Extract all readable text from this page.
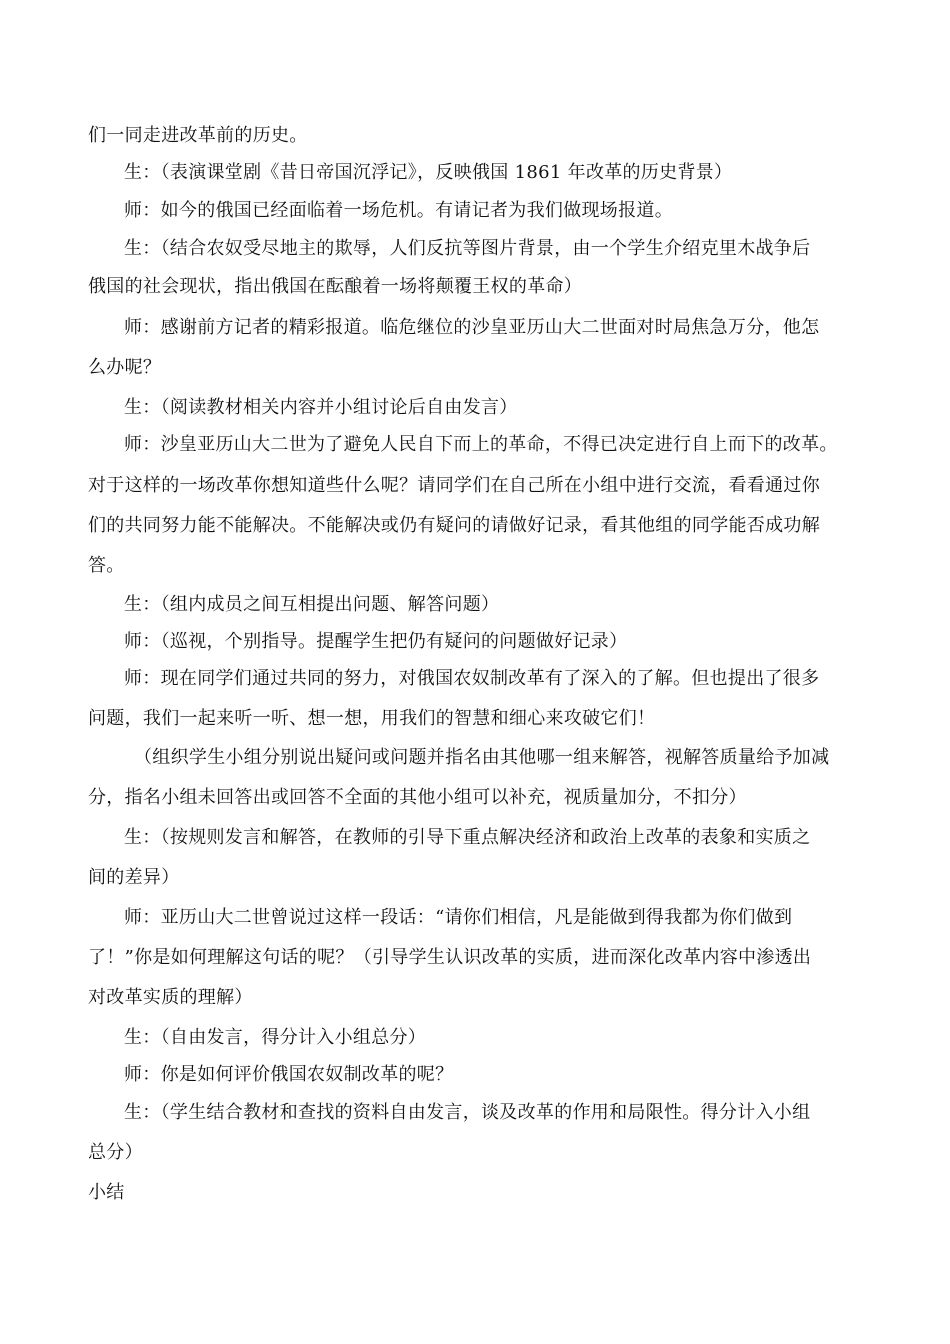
们一同走进改革前的历史。
生：（表演课堂剧《昔日帝国沉浮记》，反映俄国 1861 年改革的历史背景）
师：如今的俄国已经面临着一场危机。有请记者为我们做现场报道。
生：（结合农奴受尽地主的欺辱，人们反抗等图片背景，由一个学生介绍克里木战争后
俄国的社会现状，指出俄国在酝酿着一场将颠覆王权的革命）
师：感谢前方记者的精彩报道。临危继位的沙皇亚历山大二世面对时局焦急万分，他怎
么办呢？
生：（阅读教材相关内容并小组讨论后自由发言）
师：沙皇亚历山大二世为了避免人民自下而上的革命，不得已决定进行自上而下的改革。
对于这样的一场改革你想知道些什么呢？请同学们在自己所在小组中进行交流，看看通过你
们的共同努力能不能解决。不能解决或仍有疑问的请做好记录，看其他组的同学能否成功解
答。
生：（组内成员之间互相提出问题、解答问题）
师：（巡视，个别指导。提醒学生把仍有疑问的问题做好记录）
师：现在同学们通过共同的努力，对俄国农奴制改革有了深入的了解。但也提出了很多
问题，我们一起来听一听、想一想，用我们的智慧和细心来攻破它们！
（组织学生小组分别说出疑问或问题并指名由其他哪一组来解答，视解答质量给予加减
分，指名小组未回答出或回答不全面的其他小组可以补充，视质量加分，不扣分）
生：（按规则发言和解答，在教师的引导下重点解决经济和政治上改革的表象和实质之
间的差异）
师：亚历山大二世曾说过这样一段话：“请你们相信，凡是能做到得我都为你们做到
了！”你是如何理解这句话的呢？（引导学生认识改革的实质，进而深化改革内容中渗透出
对改革实质的理解）
生：（自由发言，得分计入小组总分）
师：你是如何评价俄国农奴制改革的呢？
生：（学生结合教材和查找的资料自由发言，谈及改革的作用和局限性。得分计入小组
总分）
小结
